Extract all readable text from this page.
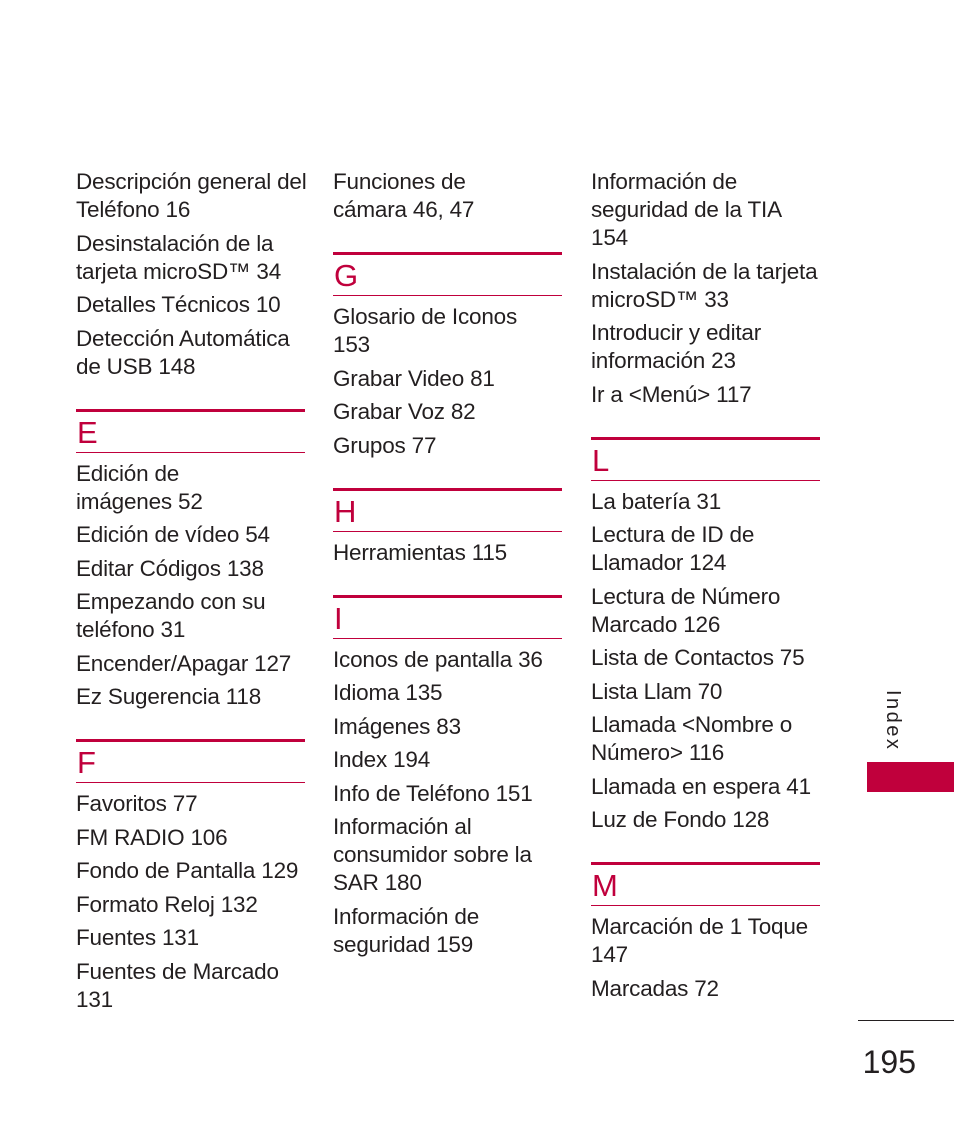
Descripción general del Teléfono 16
Desinstalación de la tarjeta microSD™ 34
Detalles Técnicos 10
Detección Automática de USB 148
E
Edición de imágenes 52
Edición de vídeo 54
Editar Códigos 138
Empezando con su teléfono 31
Encender/Apagar 127
Ez Sugerencia 118
F
Favoritos 77
FM RADIO 106
Fondo de Pantalla 129
Formato Reloj 132
Fuentes 131
Fuentes de Marcado 131
Funciones de cámara 46, 47
G
Glosario de Iconos 153
Grabar Video 81
Grabar Voz 82
Grupos 77
H
Herramientas 115
I
Iconos de pantalla 36
Idioma 135
Imágenes 83
Index 194
Info de Teléfono 151
Información al consumidor sobre la SAR 180
Información de seguridad 159
Información de seguridad de la TIA 154
Instalación de la tarjeta microSD™ 33
Introducir y editar información 23
Ir a <Menú> 117
L
La batería 31
Lectura de ID de Llamador 124
Lectura de Número Marcado 126
Lista de Contactos 75
Lista Llam 70
Llamada <Nombre o Número> 116
Llamada en espera 41
Luz de Fondo 128
M
Marcación de 1 Toque 147
Marcadas 72
Index
195
